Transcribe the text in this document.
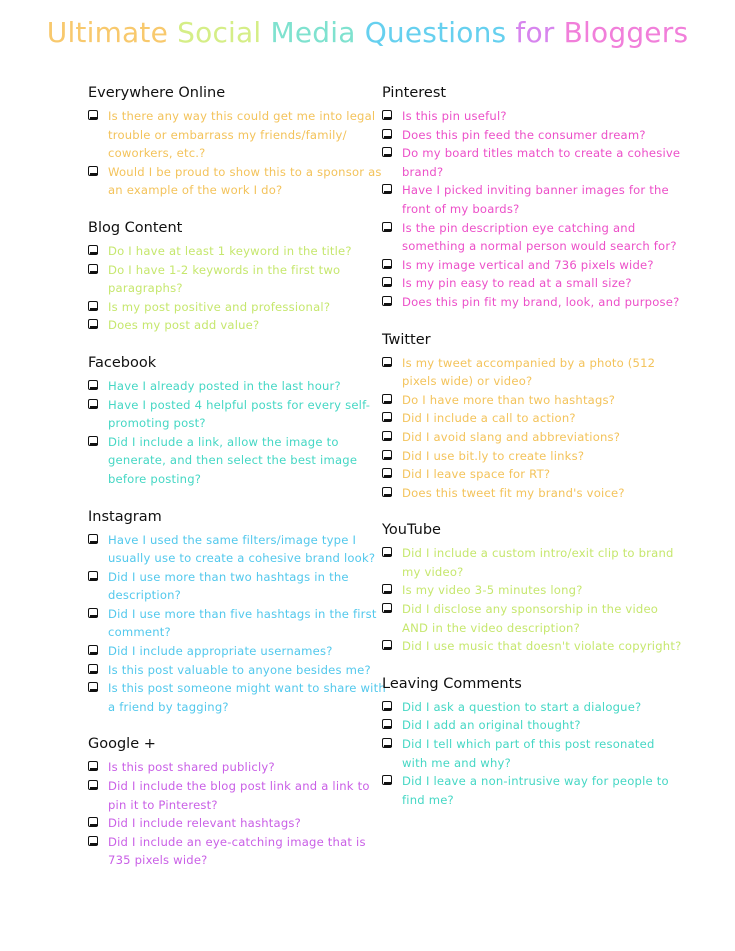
Ultimate Social Media Questions for Bloggers
Everywhere Online
Is there any way this could get me into legal trouble or embarrass my friends/family/ coworkers, etc.?
Would I be proud to show this to a sponsor as an example of the work I do?
Blog Content
Do I have at least 1 keyword in the title?
Do I have 1-2 keywords in the first two paragraphs?
Is my post positive and professional?
Does my post add value?
Facebook
Have I already posted in the last hour?
Have I posted 4 helpful posts for every self-promoting post?
Did I include a link, allow the image to generate, and then select the best image before posting?
Instagram
Have I used the same filters/image type I usually use to create a cohesive brand look?
Did I use more than two hashtags in the description?
Did I use more than five hashtags in the first comment?
Did I include appropriate usernames?
Is this post valuable to anyone besides me?
Is this post someone might want to share with a friend by tagging?
Google +
Is this post shared publicly?
Did I include the blog post link and a link to pin it to Pinterest?
Did I include relevant hashtags?
Did I include an eye-catching image that is 735 pixels wide?
Pinterest
Is this pin useful?
Does this pin feed the consumer dream?
Do my board titles match to create a cohesive brand?
Have I picked inviting banner images for the front of my boards?
Is the pin description eye catching and something a normal person would search for?
Is my image vertical and 736 pixels wide?
Is my pin easy to read at a small size?
Does this pin fit my brand, look, and purpose?
Twitter
Is my tweet accompanied by a photo (512 pixels wide) or video?
Do I have more than two hashtags?
Did I include a call to action?
Did I avoid slang and abbreviations?
Did I use bit.ly to create links?
Did I leave space for RT?
Does this tweet fit my brand's voice?
YouTube
Did I include a custom intro/exit clip to brand my video?
Is my video 3-5 minutes long?
Did I disclose any sponsorship in the video AND in the video description?
Did I use music that doesn't violate copyright?
Leaving Comments
Did I ask a question to start a dialogue?
Did I add an original thought?
Did I tell which part of this post resonated with me and why?
Did I leave a non-intrusive way for people to find me?
